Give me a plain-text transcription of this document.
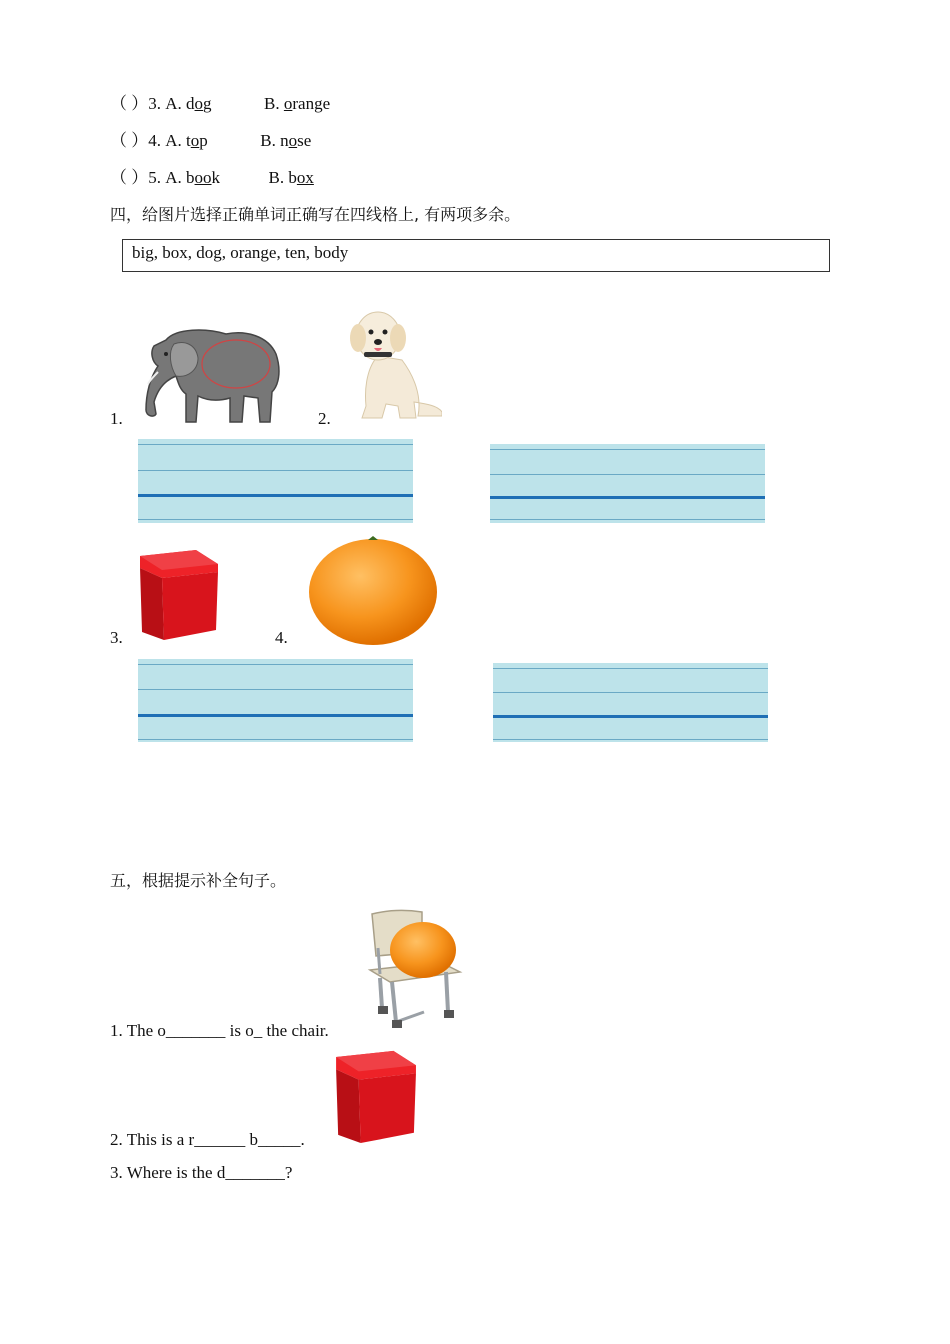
（ ）3. A. dog	B. orange
（ ）4. A. top	B. nose
（ ）5. A. book	B. box
四，给图片选择正确单词正确写在四线格上, 有两项多余。
big, box, dog, orange, ten, body
1.	2.
3.	4.
五，根据提示补全句子。
1. The o_______ is o_ the chair.
2. This is a r______ b_____.
3. Where is the d_______?
